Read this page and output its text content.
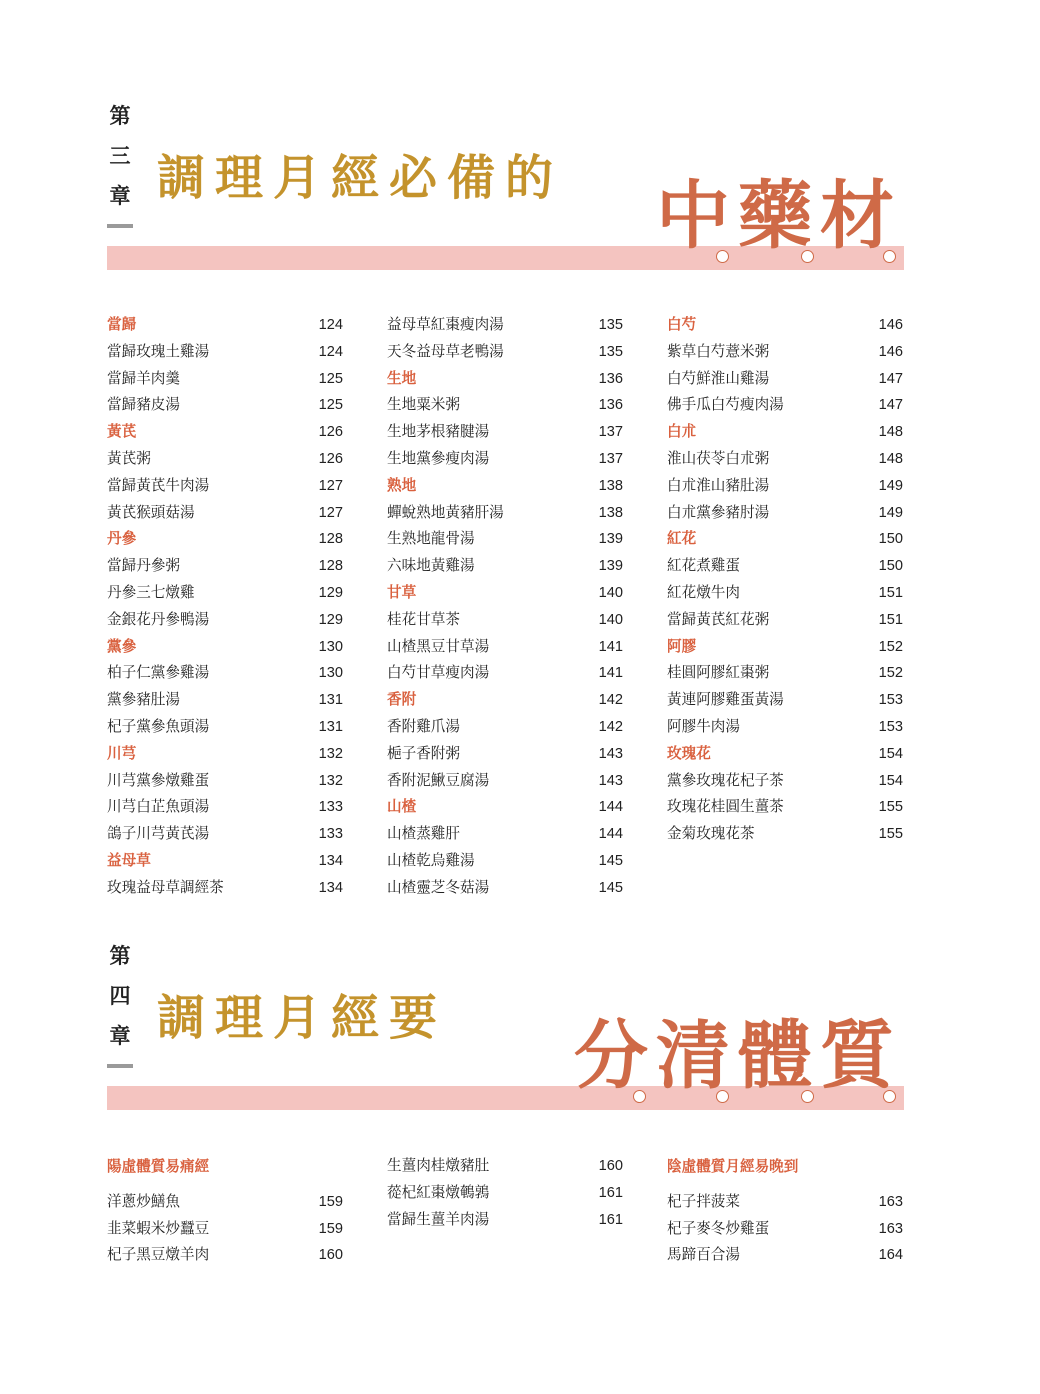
第
三
章 調理月經必備的 中藥材
當歸	124
當歸玫瑰土雞湯	124
當歸羊肉羹	125
當歸豬皮湯	125
黃芪	126
黃芪粥	126
當歸黃芪牛肉湯	127
黃芪猴頭菇湯	127
丹參	128
當歸丹參粥	128
丹參三七燉雞	129
金銀花丹參鴨湯	129
黨參	130
柏子仁黨參雞湯	130
黨參豬肚湯	131
杞子黨參魚頭湯	131
川芎	132
川芎黨參燉雞蛋	132
川芎白芷魚頭湯	133
鴿子川芎黃芪湯	133
益母草	134
玫瑰益母草調經茶	134
益母草紅棗瘦肉湯	135
天冬益母草老鴨湯	135
生地	136
生地粟米粥	136
生地茅根豬腱湯	137
生地黨參瘦肉湯	137
熟地	138
蟬蛻熟地黃豬肝湯	138
生熟地龍骨湯	139
六味地黃雞湯	139
甘草	140
桂花甘草茶	140
山楂黑豆甘草湯	141
白芍甘草瘦肉湯	141
香附	142
香附雞爪湯	142
梔子香附粥	143
香附泥鰍豆腐湯	143
山楂	144
山楂蒸雞肝	144
山楂乾烏雞湯	145
山楂靈芝冬菇湯	145
白芍	146
紫草白芍薏米粥	146
白芍鮮淮山雞湯	147
佛手瓜白芍瘦肉湯	147
白朮	148
淮山茯苓白朮粥	148
白朮淮山豬肚湯	149
白朮黨參豬肘湯	149
紅花	150
紅花煮雞蛋	150
紅花燉牛肉	151
當歸黃芪紅花粥	151
阿膠	152
桂圓阿膠紅棗粥	152
黃連阿膠雞蛋黃湯	153
阿膠牛肉湯	153
玫瑰花	154
黨參玫瑰花杞子茶	154
玫瑰花桂圓生薑茶	155
金菊玫瑰花茶	155
第
四
章 調理月經要 分清體質
陽虛體質易痛經
洋蔥炒鱔魚	159
韭菜蝦米炒蠶豆	159
杞子黑豆燉羊肉	160
生薑肉桂燉豬肚	160
蓯杞紅棗燉鵪鶉	161
當歸生薑羊肉湯	161
陰虛體質月經易晚到
杞子拌菠菜	163
杞子麥冬炒雞蛋	163
馬蹄百合湯	164
